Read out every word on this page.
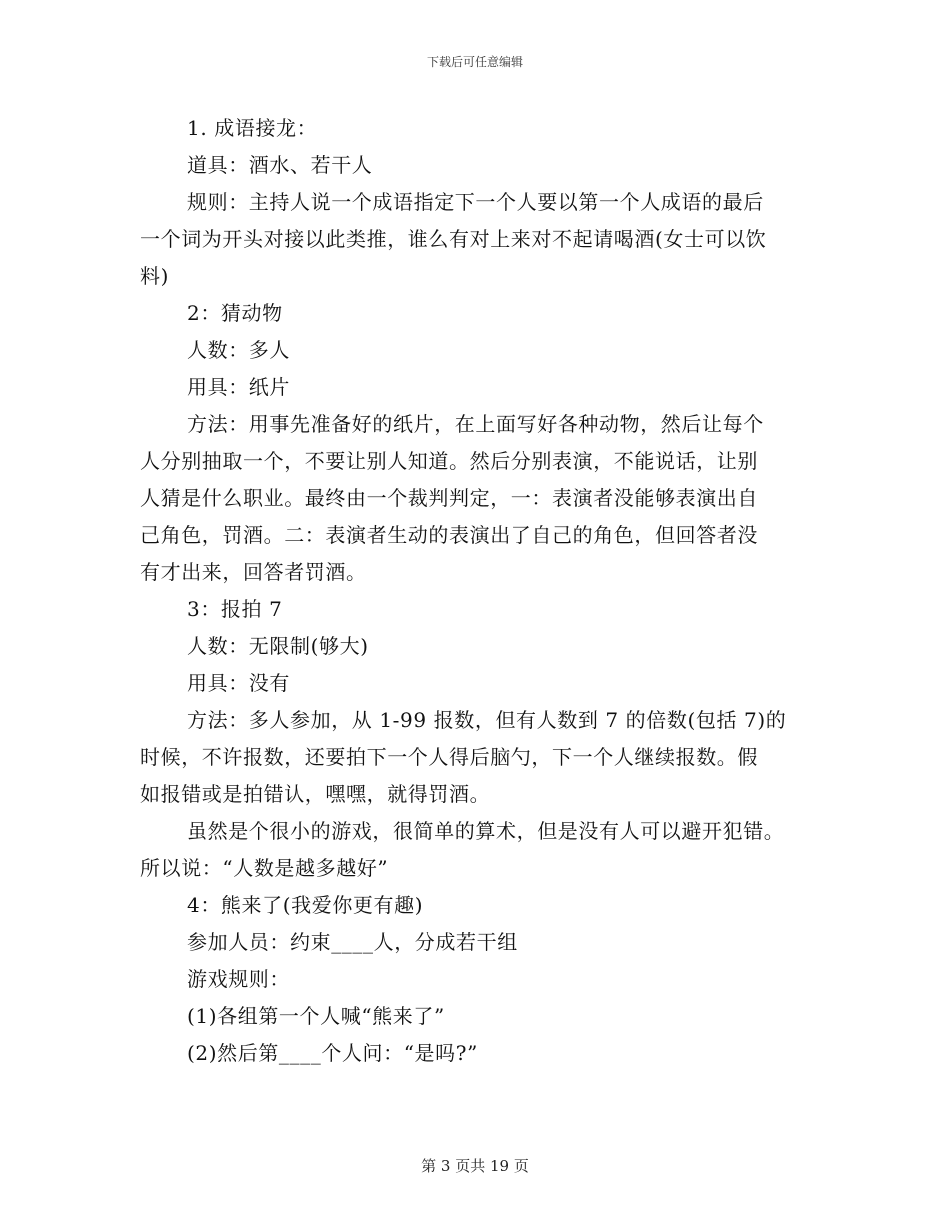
下载后可任意编辑
1. 成语接龙：
道具：酒水、若干人
规则：主持人说一个成语指定下一个人要以第一个人成语的最后
一个词为开头对接以此类推，谁么有对上来对不起请喝酒(女士可以饮
料)
2：猜动物
人数：多人
用具：纸片
方法：用事先准备好的纸片，在上面写好各种动物，然后让每个
人分别抽取一个，不要让别人知道。然后分别表演，不能说话，让别
人猜是什么职业。最终由一个裁判判定，一：表演者没能够表演出自
己角色，罚酒。二：表演者生动的表演出了自己的角色，但回答者没
有才出来，回答者罚酒。
3：报拍 7
人数：无限制(够大)
用具：没有
方法：多人参加，从 1-99 报数，但有人数到 7 的倍数(包括 7)的
时候，不许报数，还要拍下一个人得后脑勺，下一个人继续报数。假
如报错或是拍错认，嘿嘿，就得罚酒。
虽然是个很小的游戏，很简单的算术，但是没有人可以避开犯错。
所以说：“人数是越多越好”
4：熊来了(我爱你更有趣)
参加人员：约束____人，分成若干组
游戏规则：
(1)各组第一个人喊“熊来了”
(2)然后第____个人问：“是吗?”
第 3 页共 19 页
